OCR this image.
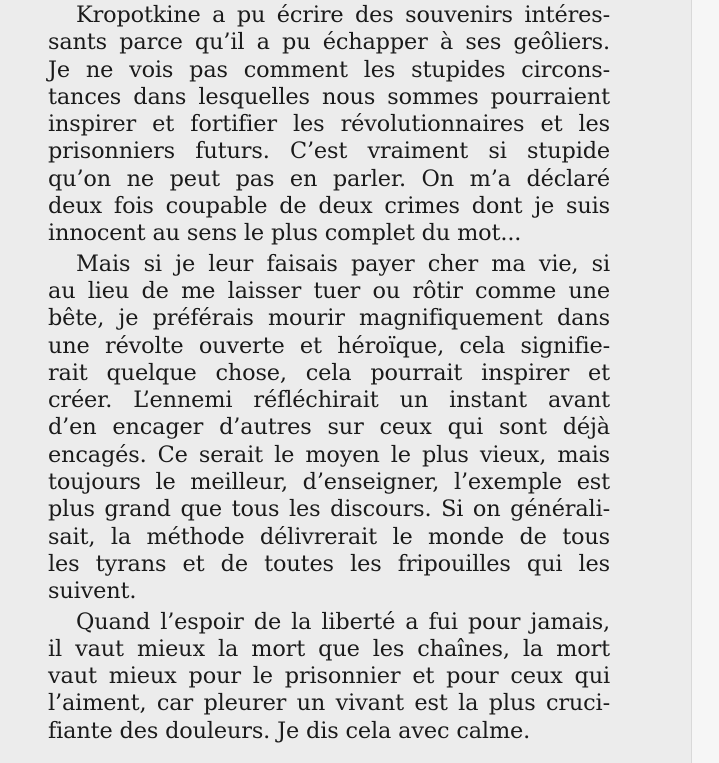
Kropotkine a pu écrire des souvenirs intéres-
sants parce qu’il a pu échapper à ses geôliers.
Je ne vois pas comment les stupides circons-
tances dans lesquelles nous sommes pourraient
inspirer et fortifier les révolutionnaires et les
prisonniers futurs. C’est vraiment si stupide
qu’on ne peut pas en parler. On m’a déclaré
deux fois coupable de deux crimes dont je suis
innocent au sens le plus complet du mot...

Mais si je leur faisais payer cher ma vie, si
au lieu de me laisser tuer ou rôtir comme une
bête, je préférais mourir magnifiquement dans
une révolte ouverte et héroïque, cela signifie-
rait quelque chose, cela pourrait inspirer et
créer. L’ennemi réfléchirait un instant avant
d’en encager d’autres sur ceux qui sont déjà
encagés. Ce serait le moyen le plus vieux, mais
toujours le meilleur, d’enseigner, l’exemple est
plus grand que tous les discours. Si on générali-
sait, la méthode délivrerait le monde de tous
les tyrans et de toutes les fripouilles qui les
suivent.

Quand l’espoir de la liberté a fui pour jamais,
il vaut mieux la mort que les chaînes, la mort
vaut mieux pour le prisonnier et pour ceux qui
l’aiment, car pleurer un vivant est la plus cruci-
fiante des douleurs. Je dis cela avec calme.
